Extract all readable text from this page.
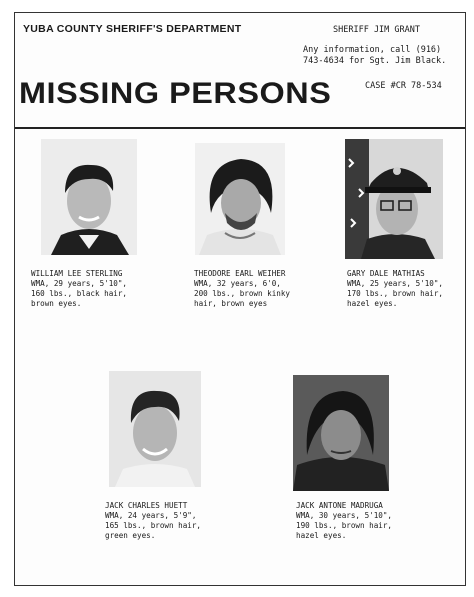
YUBA COUNTY SHERIFF'S DEPARTMENT	SHERIFF JIM GRANT
Any information, call (916)
743-4634 for Sgt. Jim Black.
MISSING PERSONS	CASE #CR 78-534
WILLIAM LEE STERLING
WMA, 29 years, 5'10",
160 lbs., black hair,
brown eyes.
THEODORE EARL WEIHER
WMA, 32 years, 6'0,
200 lbs., brown kinky
hair, brown eyes
GARY DALE MATHIAS
WMA, 25 years, 5'10",
170 lbs., brown hair,
hazel eyes.
JACK CHARLES HUETT
WMA, 24 years, 5'9",
165 lbs., brown hair,
green eyes.
JACK ANTONE MADRUGA
WMA, 30 years, 5'10",
190 lbs., brown hair,
hazel eyes.
